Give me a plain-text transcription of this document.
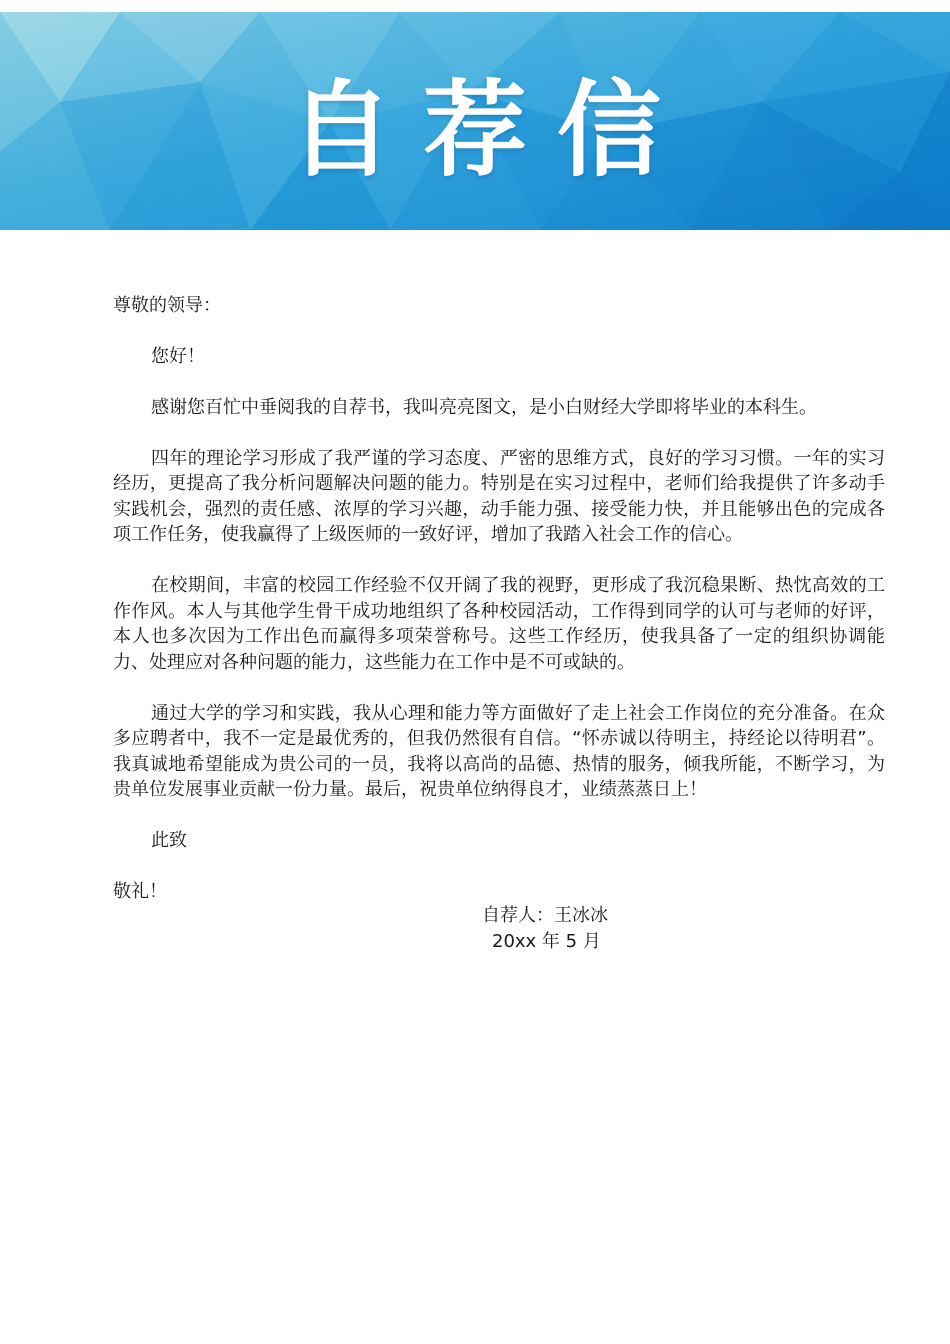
自荐信

尊敬的领导：

您好！

感谢您百忙中垂阅我的自荐书，我叫亮亮图文，是小白财经大学即将毕业的本科生。

四年的理论学习形成了我严谨的学习态度、严密的思维方式，良好的学习习惯。一年的实习经历，更提高了我分析问题解决问题的能力。特别是在实习过程中，老师们给我提供了许多动手实践机会，强烈的责任感、浓厚的学习兴趣，动手能力强、接受能力快，并且能够出色的完成各项工作任务，使我赢得了上级医师的一致好评，增加了我踏入社会工作的信心。

在校期间，丰富的校园工作经验不仅开阔了我的视野，更形成了我沉稳果断、热忱高效的工作作风。本人与其他学生骨干成功地组织了各种校园活动，工作得到同学的认可与老师的好评，本人也多次因为工作出色而赢得多项荣誉称号。这些工作经历，使我具备了一定的组织协调能力、处理应对各种问题的能力，这些能力在工作中是不可或缺的。

通过大学的学习和实践，我从心理和能力等方面做好了走上社会工作岗位的充分准备。在众多应聘者中，我不一定是最优秀的，但我仍然很有自信。“怀赤诚以待明主，持经论以待明君”。我真诚地希望能成为贵公司的一员，我将以高尚的品德、热情的服务，倾我所能，不断学习，为贵单位发展事业贡献一份力量。最后，祝贵单位纳得良才，业绩蒸蒸日上！

此致

敬礼！

自荐人：王冰冰
20xx 年 5 月
